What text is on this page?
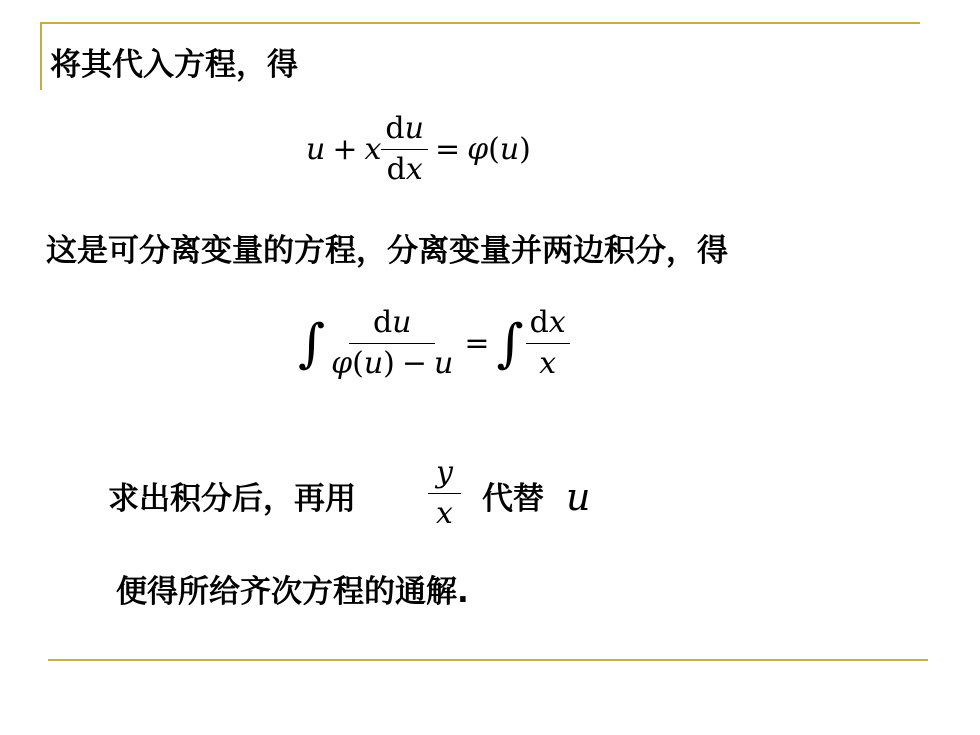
将其代入方程，得
u + x $\frac{du}{dx} = \varphi$ ( u )
这是可分离变量的方程，分离变量并两边积分，得
∫ $\frac{du}{\varphi(u) - u}$ = ∫ $\frac{dx}{x}$
求出积分后，再用 $\frac{y}{x}$ 代替 u
便得所给齐次方程的通解.
